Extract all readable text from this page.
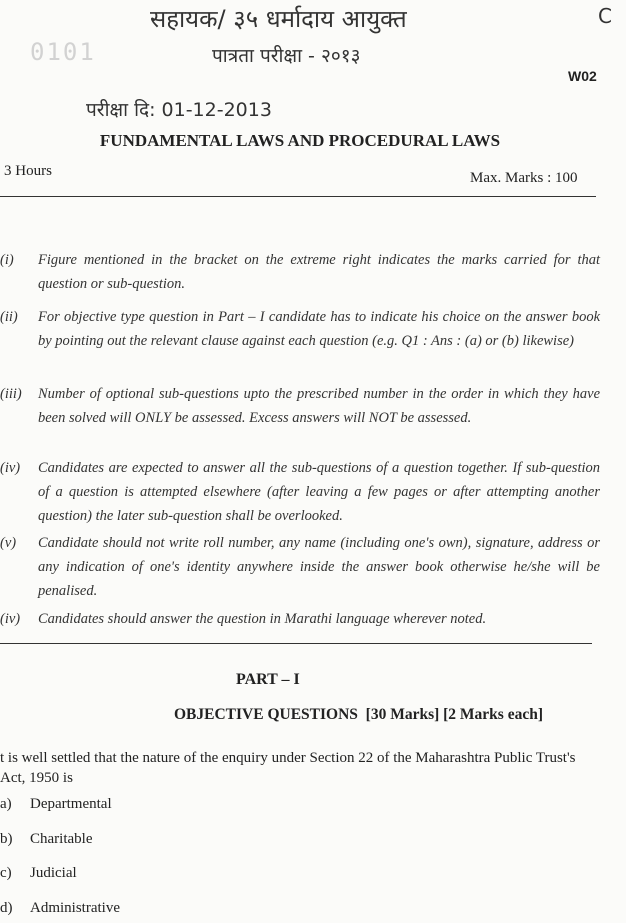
सहायक/ ३५ धर्मादाय आयुक्त	C
0101	पात्रता परीक्षा - २०१३
W02
परीक्षा दि: 01-12-2013
FUNDAMENTAL LAWS AND PROCEDURAL LAWS
3 Hours	Max. Marks : 100
(i)	Figure mentioned in the bracket on the extreme right indicates the marks carried for that question or sub-question.
(ii)	For objective type question in Part – I candidate has to indicate his choice on the answer book by pointing out the relevant clause against each question (e.g. Q1 : Ans : (a) or (b) likewise)
(iii)	Number of optional sub-questions upto the prescribed number in the order in which they have been solved will ONLY be assessed. Excess answers will NOT be assessed.
(iv)	Candidates are expected to answer all the sub-questions of a question together. If sub-question of a question is attempted elsewhere (after leaving a few pages or after attempting another question) the later sub-question shall be overlooked.
(v)	Candidate should not write roll number, any name (including one's own), signature, address or any indication of one's identity anywhere inside the answer book otherwise he/she will be penalised.
(iv)	Candidates should answer the question in Marathi language wherever noted.
PART – I
OBJECTIVE QUESTIONS  [30 Marks] [2 Marks each]
t is well settled that the nature of the enquiry under Section 22 of the Maharashtra Public Trust's Act, 1950 is
a) Departmental
b) Charitable
c) Judicial
d) Administrative
